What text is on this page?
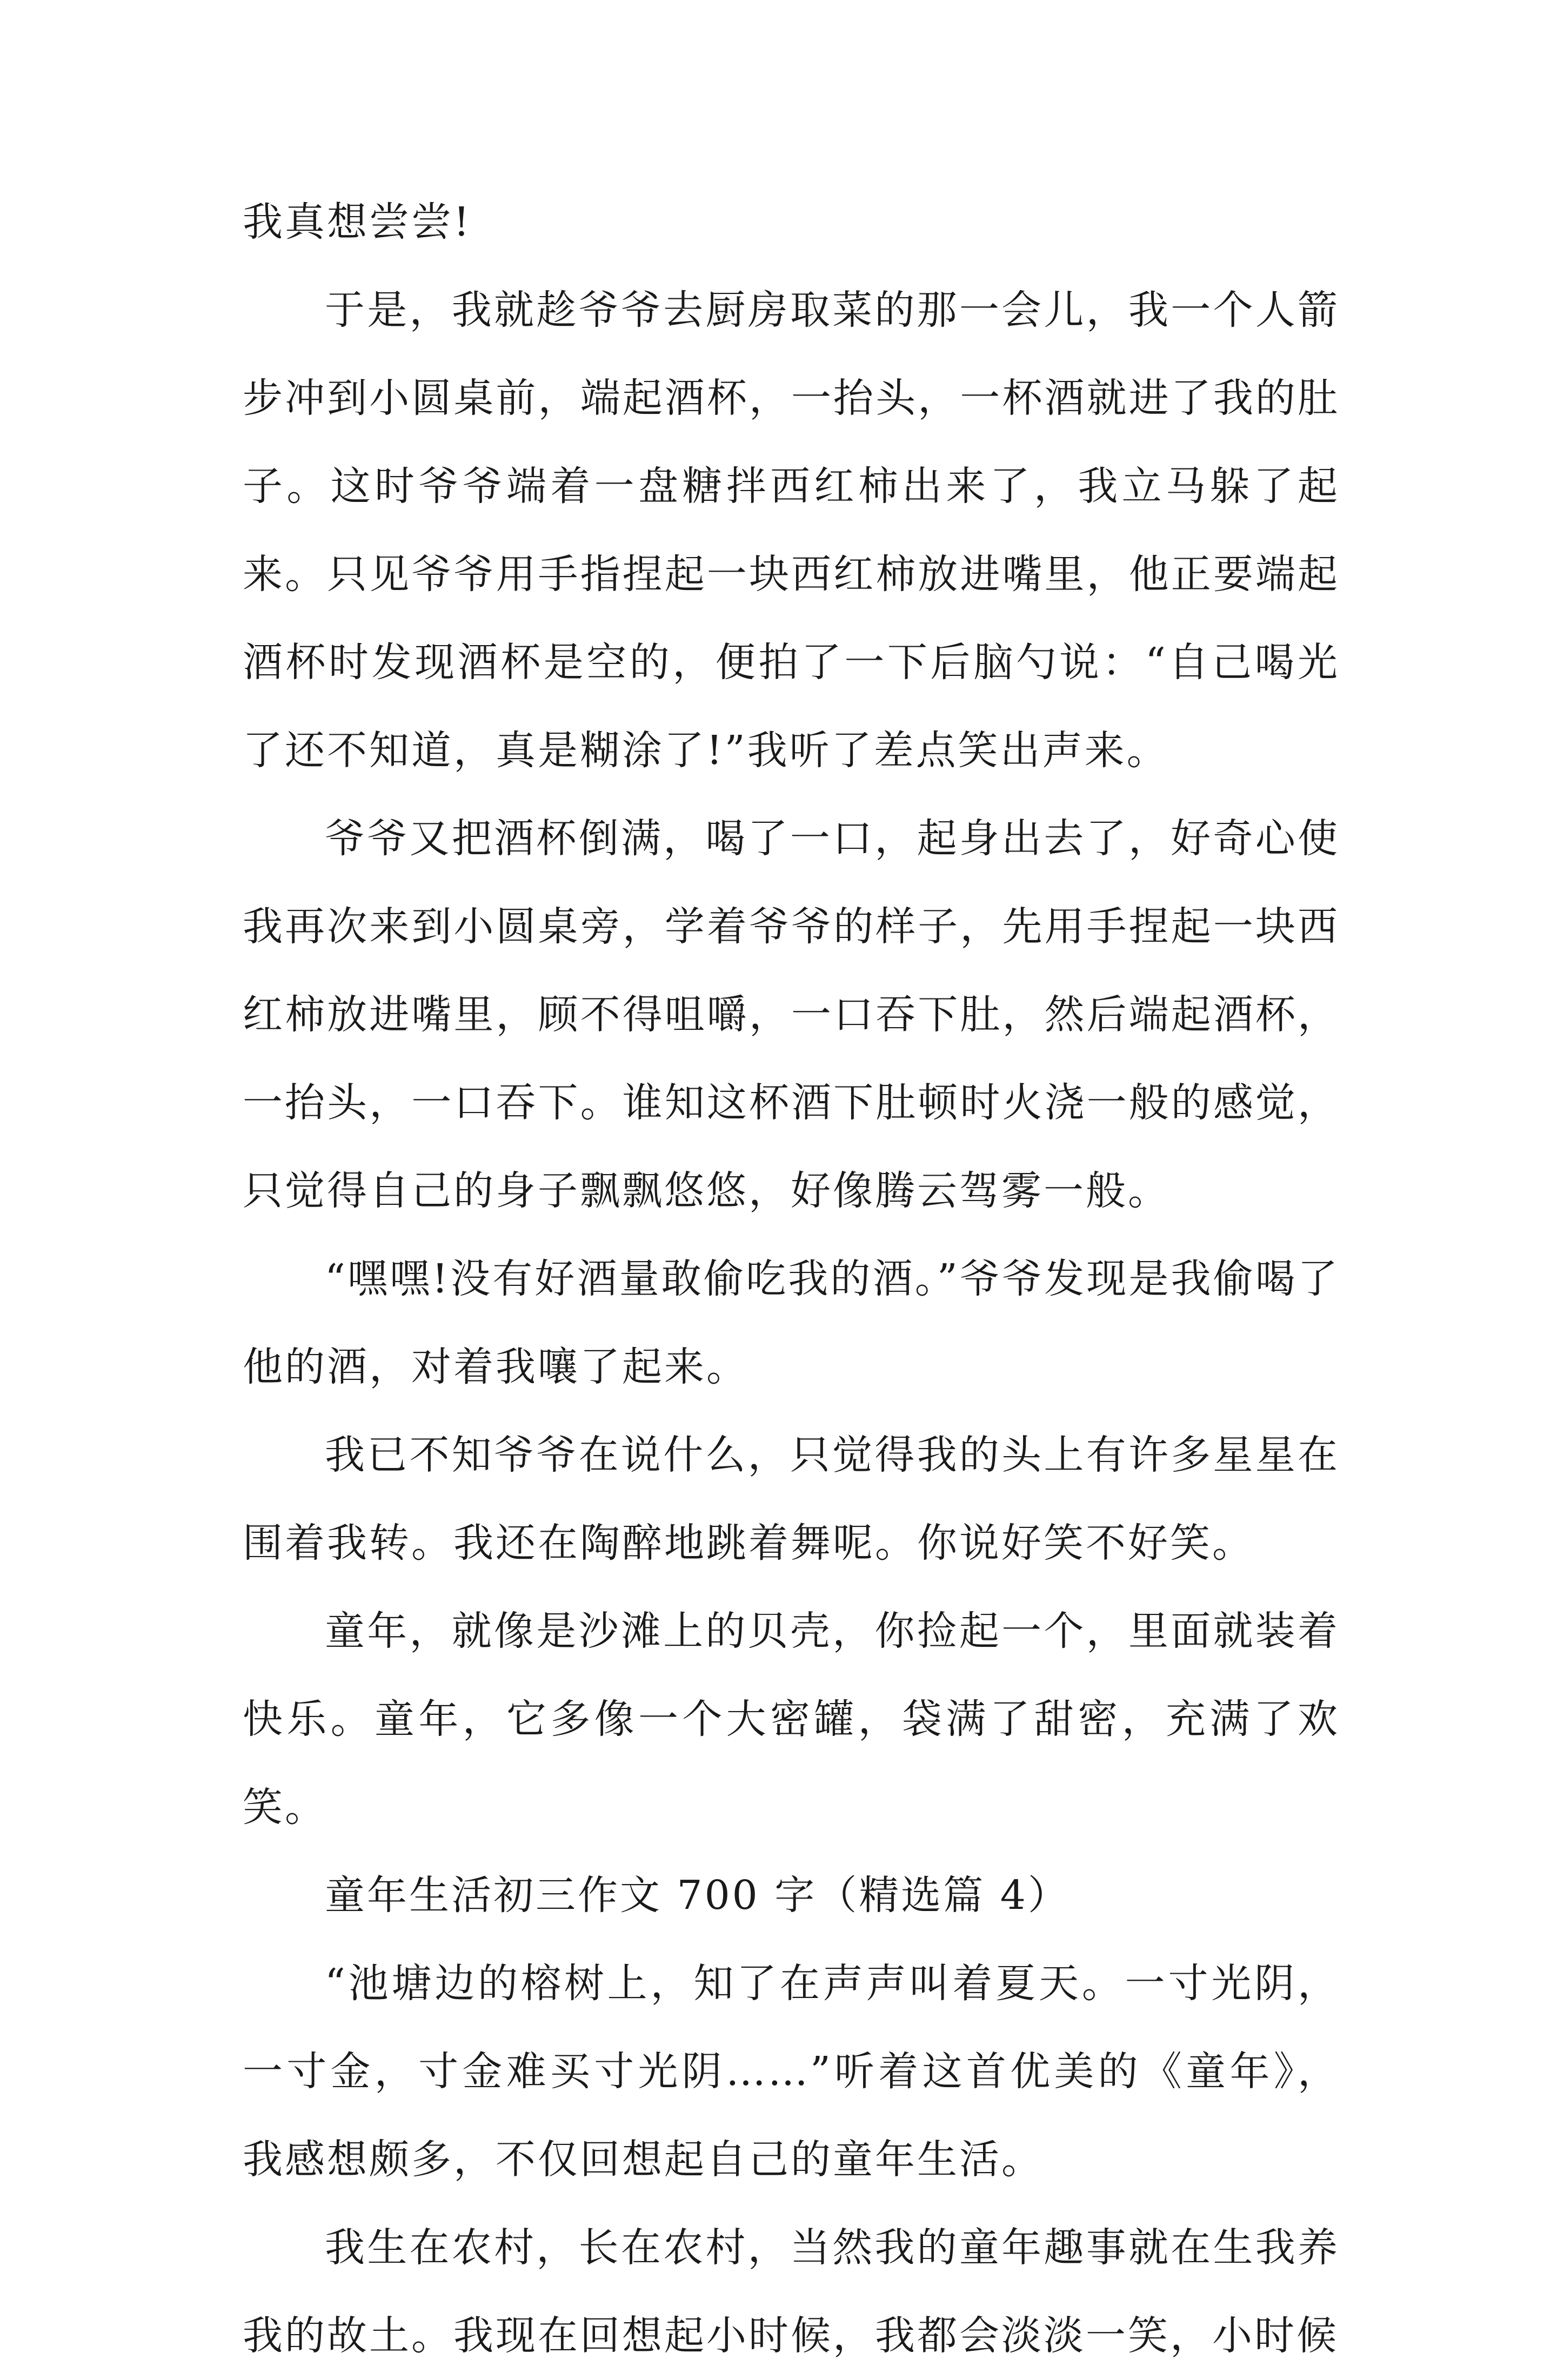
我真想尝尝!

于是，我就趁爷爷去厨房取菜的那一会儿，我一个人箭步冲到小圆桌前，端起酒杯，一抬头，一杯酒就进了我的肚子。这时爷爷端着一盘糖拌西红柿出来了，我立马躲了起来。只见爷爷用手指捏起一块西红柿放进嘴里，他正要端起酒杯时发现酒杯是空的，便拍了一下后脑勺说：“自己喝光了还不知道，真是糊涂了!”我听了差点笑出声来。

爷爷又把酒杯倒满，喝了一口，起身出去了，好奇心使我再次来到小圆桌旁，学着爷爷的样子，先用手捏起一块西红柿放进嘴里，顾不得咀嚼，一口吞下肚，然后端起酒杯，一抬头，一口吞下。谁知这杯酒下肚顿时火浇一般的感觉，只觉得自己的身子飘飘悠悠，好像腾云驾雾一般。

“嘿嘿!没有好酒量敢偷吃我的酒。”爷爷发现是我偷喝了他的酒，对着我嚷了起来。

我已不知爷爷在说什么，只觉得我的头上有许多星星在围着我转。我还在陶醉地跳着舞呢。你说好笑不好笑。

童年，就像是沙滩上的贝壳，你捡起一个，里面就装着快乐。童年，它多像一个大密罐，袋满了甜密，充满了欢笑。

童年生活初三作文 700 字（精选篇 4）

“池塘边的榕树上，知了在声声叫着夏天。一寸光阴，一寸金，寸金难买寸光阴……”听着这首优美的《童年》，我感想颇多，不仅回想起自己的童年生活。

我生在农村，长在农村，当然我的童年趣事就在生我养我的故土。我现在回想起小时候，我都会淡淡一笑，小时候
